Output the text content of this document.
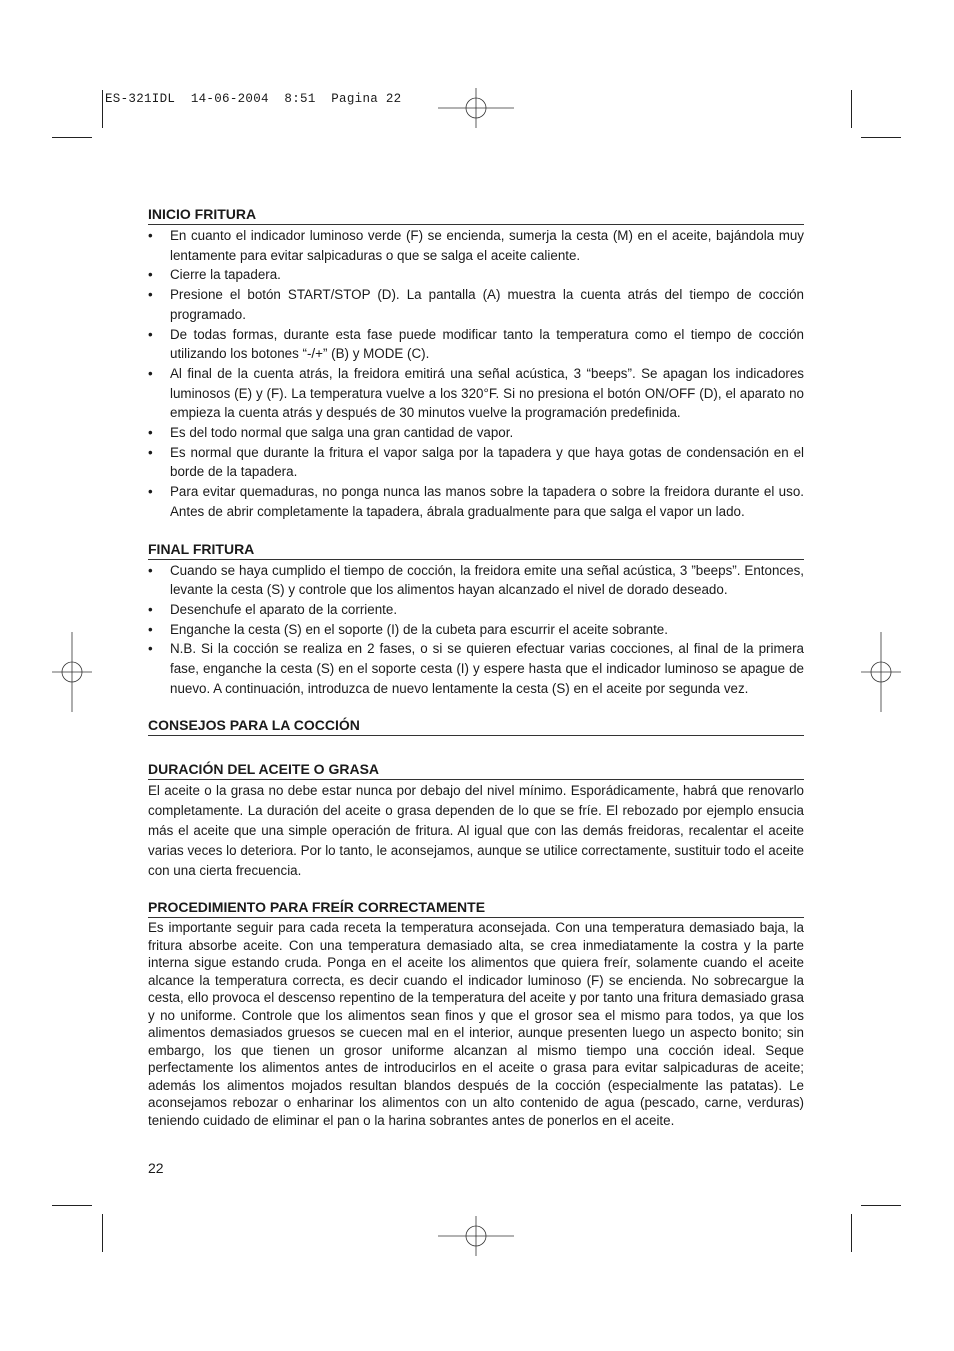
ES-321IDL  14-06-2004  8:51  Pagina 22
INICIO FRITURA
• En cuanto el indicador luminoso verde (F) se encienda, sumerja la cesta (M) en el aceite, bajándola muy lentamente para evitar salpicaduras o que se salga el aceite caliente.
• Cierre la tapadera.
• Presione el botón START/STOP (D). La pantalla (A) muestra la cuenta atrás del tiempo de cocción programado.
• De todas formas, durante esta fase puede modificar tanto la temperatura como el tiempo de cocción utilizando los botones “-/+” (B) y MODE (C).
• Al final de la cuenta atrás, la freidora emitirá una señal acústica, 3 “beeps”. Se apagan los indicadores luminosos (E) y (F). La temperatura vuelve a los 320°F. Si no presiona el botón ON/OFF (D), el aparato no empieza la cuenta atrás y después de 30 minutos vuelve la programación predefinida.
• Es del todo normal que salga una gran cantidad de vapor.
• Es normal que durante la fritura el vapor salga por la tapadera y que haya gotas de condensación en el borde de la tapadera.
• Para evitar quemaduras, no ponga nunca las manos sobre la tapadera o sobre la freidora durante el uso. Antes de abrir completamente la tapadera, ábrala gradualmente para que salga el vapor un lado.
FINAL FRITURA
• Cuando se haya cumplido el tiempo de cocción, la freidora emite una señal acústica, 3 ”beeps”. Entonces, levante la cesta (S) y controle que los alimentos hayan alcanzado el nivel de dorado deseado.
• Desenchufe el aparato de la corriente.
• Enganche la cesta (S) en el soporte (I) de la cubeta para escurrir el aceite sobrante.
• N.B. Si la cocción se realiza en 2 fases, o si se quieren efectuar varias cocciones, al final de la primera fase, enganche la cesta (S) en el soporte cesta (I) y espere hasta que el indicador luminoso se apague de nuevo. A continuación, introduzca de nuevo lentamente la cesta (S) en el aceite por segunda vez.
CONSEJOS PARA LA COCCIÓN
DURACIÓN DEL ACEITE O GRASA

El aceite o la grasa no debe estar nunca por debajo del nivel mínimo. Esporádicamente, habrá que renovarlo completamente. La duración del aceite o grasa dependen de lo que se fríe. El rebozado por ejemplo ensucia más el aceite que una simple operación de fritura. Al igual que con las demás freidoras, recalentar el aceite varias veces lo deteriora. Por lo tanto, le aconsejamos, aunque se utilice correctamente, sustituir todo el aceite con una cierta frecuencia.

PROCEDIMIENTO PARA FREÍR CORRECTAMENTE

Es importante seguir para cada receta la temperatura aconsejada. Con una temperatura demasiado baja, la fritura absorbe aceite. Con una temperatura demasiado alta, se crea inmediatamente la costra y la parte interna sigue estando cruda. Ponga en el aceite los alimentos que quiera freír, solamente cuando el aceite alcance la temperatura correcta, es decir cuando el indicador luminoso (F) se encienda. No sobrecargue la cesta, ello provoca el descenso repentino de la temperatura del aceite y por tanto una fritura demasiado grasa y no uniforme. Controle que los alimentos sean finos y que el grosor sea el mismo para todos, ya que los alimentos demasiados gruesos se cuecen mal en el interior, aunque presenten luego un aspecto bonito; sin embargo, los que tienen un grosor uniforme alcanzan al mismo tiempo una cocción ideal. Seque perfectamente los alimentos antes de introducirlos en el aceite o grasa para evitar salpicaduras de aceite; además los alimentos mojados resultan blandos después de la cocción (especialmente las patatas). Le aconsejamos rebozar o enharinar los alimentos con un alto contenido de agua (pescado, carne, verduras) teniendo cuidado de eliminar el pan o la harina sobrantes antes de ponerlos en el aceite.

22
